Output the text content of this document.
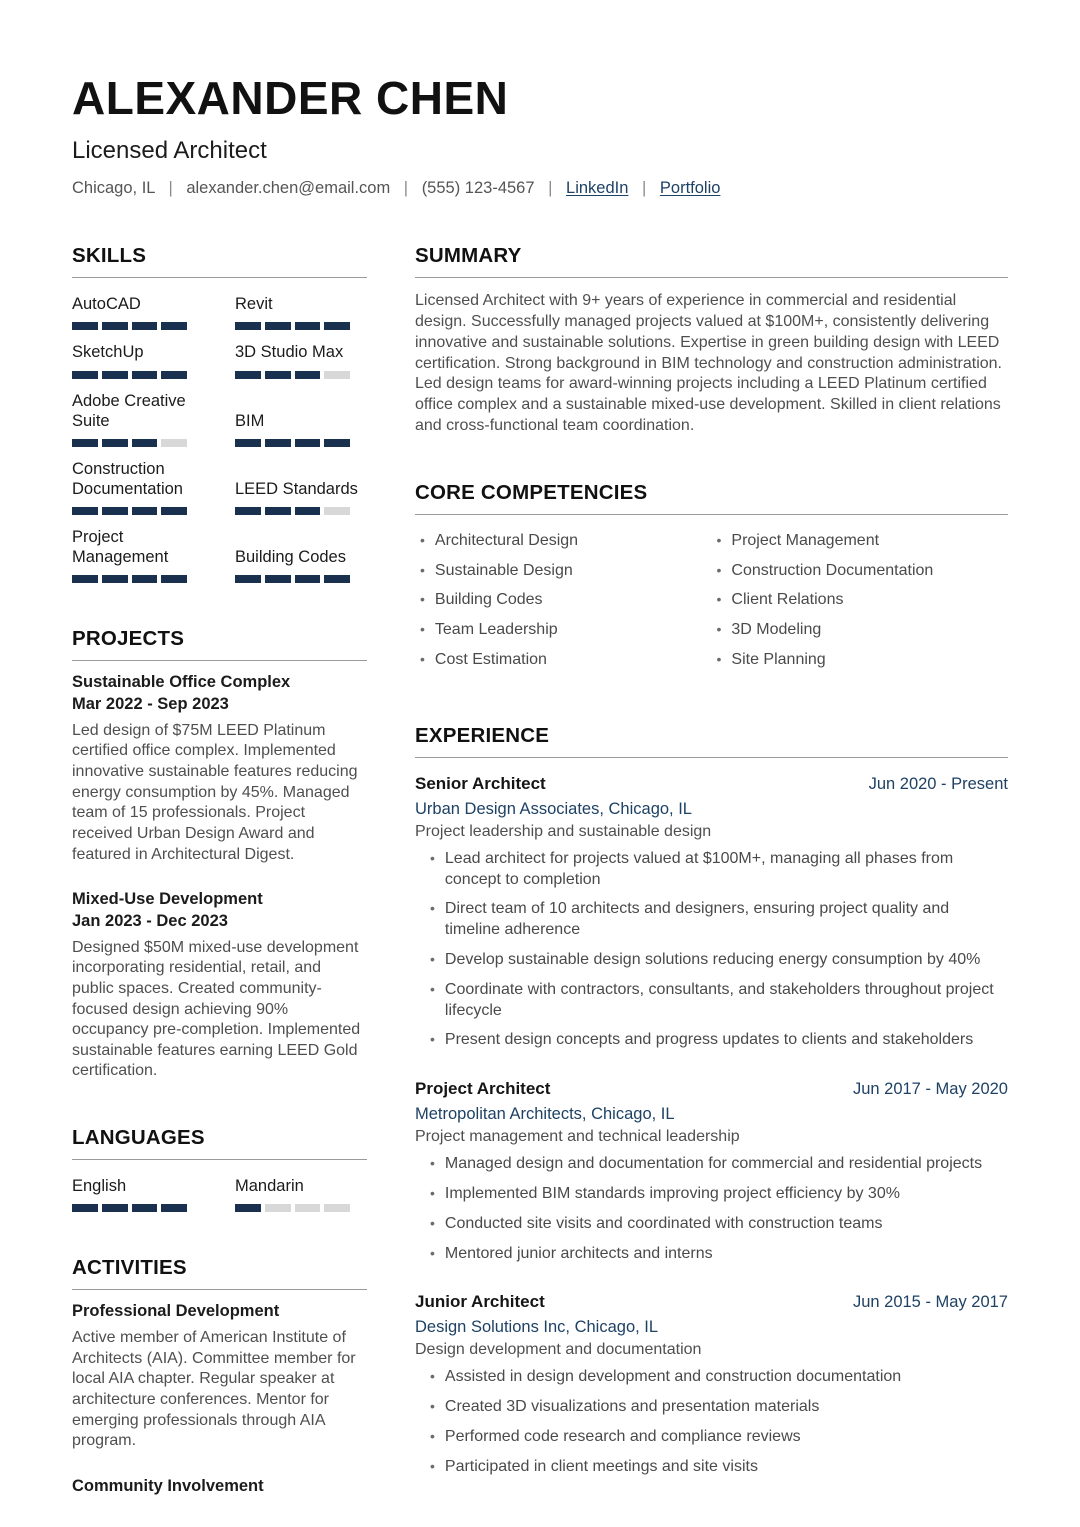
ALEXANDER CHEN
Licensed Architect
Chicago, IL | alexander.chen@email.com | (555) 123-4567 | LinkedIn | Portfolio
SKILLS
AutoCAD	Revit
SketchUp	3D Studio Max
Adobe Creative Suite	BIM
Construction Documentation	LEED Standards
Project Management	Building Codes
PROJECTS
Sustainable Office Complex
Mar 2022 - Sep 2023
Led design of $75M LEED Platinum certified office complex. Implemented innovative sustainable features reducing energy consumption by 45%. Managed team of 15 professionals. Project received Urban Design Award and featured in Architectural Digest.
Mixed-Use Development
Jan 2023 - Dec 2023
Designed $50M mixed-use development incorporating residential, retail, and public spaces. Created community-focused design achieving 90% occupancy pre-completion. Implemented sustainable features earning LEED Gold certification.
LANGUAGES
English	Mandarin
ACTIVITIES
Professional Development
Active member of American Institute of Architects (AIA). Committee member for local AIA chapter. Regular speaker at architecture conferences. Mentor for emerging professionals through AIA program.
Community Involvement
SUMMARY

Licensed Architect with 9+ years of experience in commercial and residential design. Successfully managed projects valued at $100M+, consistently delivering innovative and sustainable solutions. Expertise in green building design with LEED certification. Strong background in BIM technology and construction administration. Led design teams for award-winning projects including a LEED Platinum certified office complex and a sustainable mixed-use development. Skilled in client relations and cross-functional team coordination.

CORE COMPETENCIES
• Architectural Design
• Sustainable Design
• Building Codes
• Team Leadership
• Cost Estimation
• Project Management
• Construction Documentation
• Client Relations
• 3D Modeling
• Site Planning
EXPERIENCE
Senior Architect	Jun 2020 - Present
Urban Design Associates, Chicago, IL
Project leadership and sustainable design
• Lead architect for projects valued at $100M+, managing all phases from concept to completion
• Direct team of 10 architects and designers, ensuring project quality and timeline adherence
• Develop sustainable design solutions reducing energy consumption by 40%
• Coordinate with contractors, consultants, and stakeholders throughout project lifecycle
• Present design concepts and progress updates to clients and stakeholders
Project Architect	Jun 2017 - May 2020
Metropolitan Architects, Chicago, IL
Project management and technical leadership
• Managed design and documentation for commercial and residential projects
• Implemented BIM standards improving project efficiency by 30%
• Conducted site visits and coordinated with construction teams
• Mentored junior architects and interns
Junior Architect	Jun 2015 - May 2017
Design Solutions Inc, Chicago, IL
Design development and documentation
• Assisted in design development and construction documentation
• Created 3D visualizations and presentation materials
• Performed code research and compliance reviews
• Participated in client meetings and site visits
